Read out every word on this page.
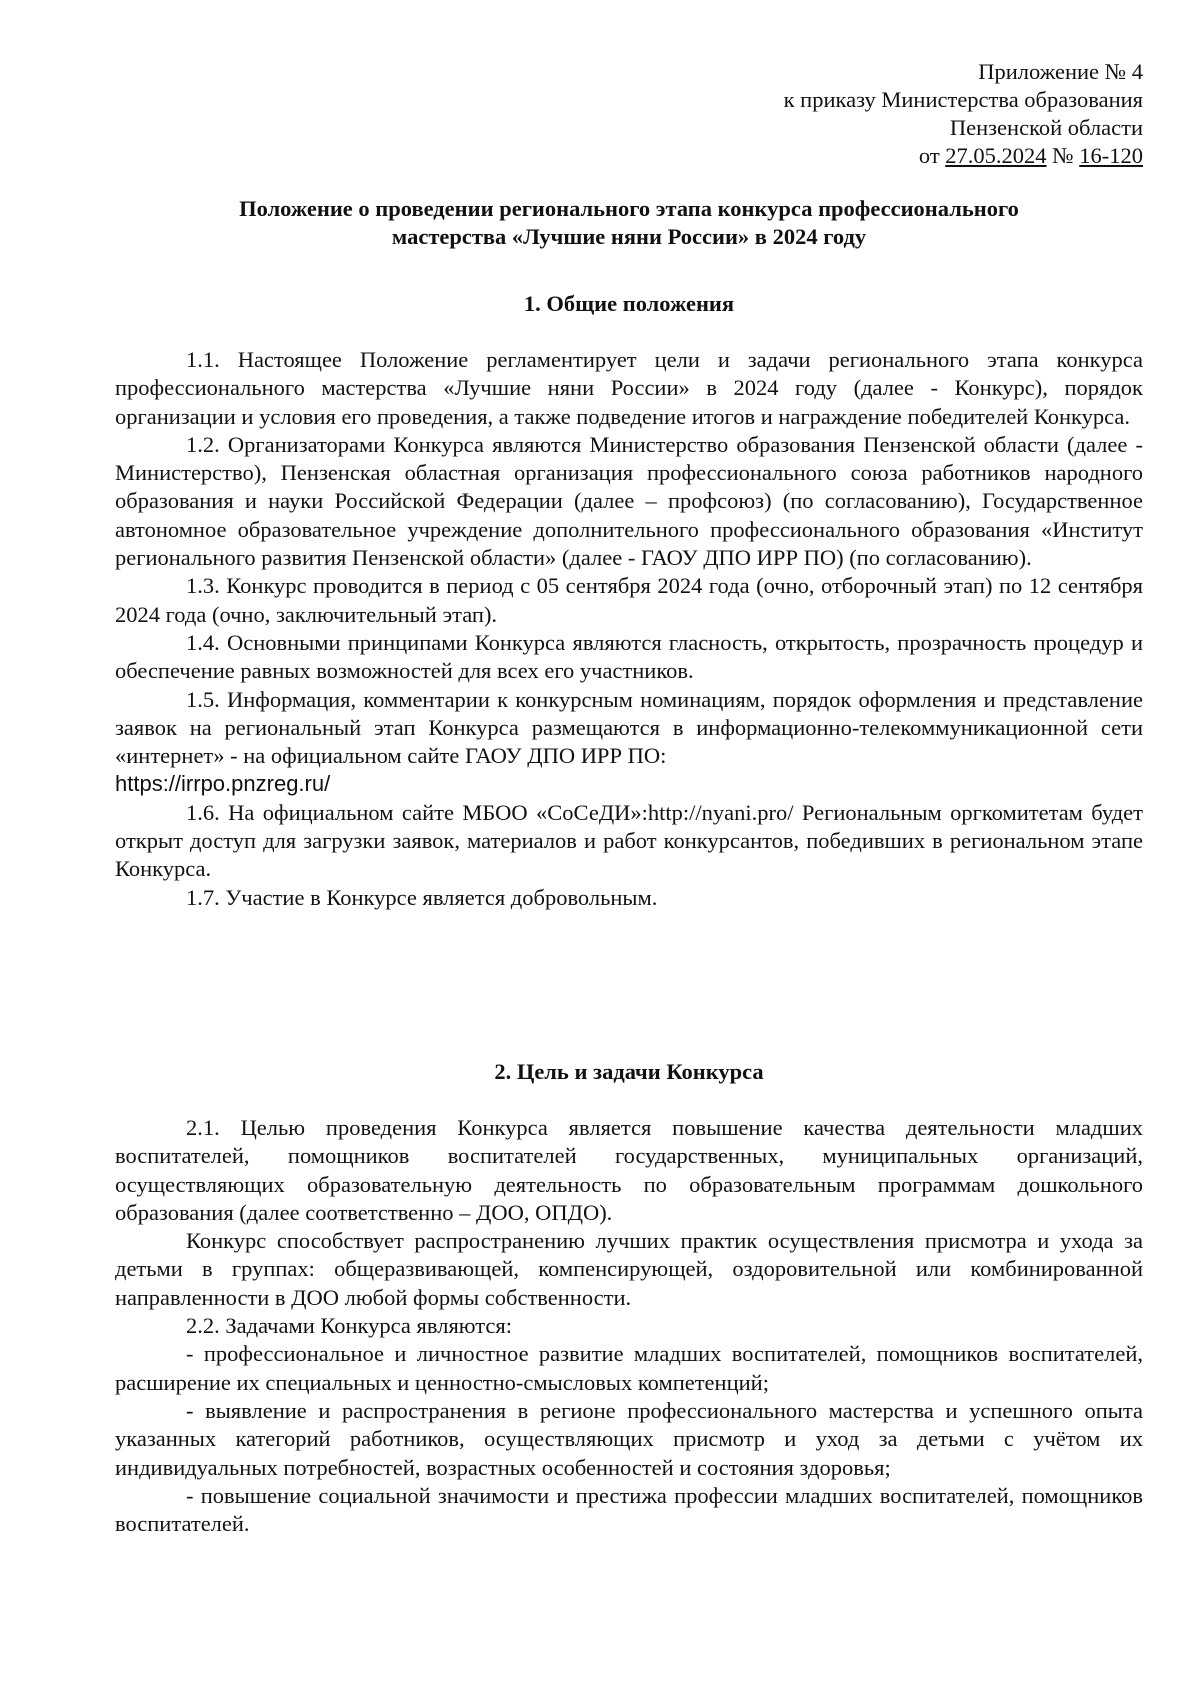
Приложение № 4
к приказу Министерства образования
Пензенской области
от 27.05.2024 № 16-120
Положение о проведении регионального этапа конкурса профессионального
мастерства «Лучшие няни России» в 2024 году
1. Общие положения

1.1. Настоящее Положение регламентирует цели и задачи регионального этапа конкурса профессионального мастерства «Лучшие няни России» в 2024 году (далее - Конкурс), порядок организации и условия его проведения, а также подведение итогов и награждение победителей Конкурса.

1.2. Организаторами Конкурса являются Министерство образования Пензенской области (далее - Министерство), Пензенская областная организация профессионального союза работников народного образования и науки Российской Федерации (далее – профсоюз) (по согласованию), Государственное автономное образовательное учреждение дополнительного профессионального образования «Институт регионального развития Пензенской области» (далее - ГАОУ ДПО ИРР ПО) (по согласованию).

1.3. Конкурс проводится в период с 05 сентября 2024 года (очно, отборочный этап) по 12 сентября 2024 года (очно, заключительный этап).

1.4. Основными принципами Конкурса являются гласность, открытость, прозрачность процедур и обеспечение равных возможностей для всех его участников.

1.5. Информация, комментарии к конкурсным номинациям, порядок оформления и представление заявок на региональный этап Конкурса размещаются в информационно-телекоммуникационной сети «интернет» - на официальном сайте ГАОУ ДПО ИРР ПО:

https://irrpo.pnzreg.ru/

1.6. На официальном сайте МБОО «СоСеДИ»:http://nyani.pro/ Региональным оргкомитетам будет открыт доступ для загрузки заявок, материалов и работ конкурсантов, победивших в региональном этапе Конкурса.

1.7. Участие в Конкурсе является добровольным.

2. Цель и задачи Конкурса

2.1. Целью проведения Конкурса является повышение качества деятельности младших воспитателей, помощников воспитателей государственных, муниципальных организаций, осуществляющих образовательную деятельность по образовательным программам дошкольного образования (далее соответственно – ДОО, ОПДО).

Конкурс способствует распространению лучших практик осуществления присмотра и ухода за детьми в группах: общеразвивающей, компенсирующей, оздоровительной или комбинированной направленности в ДОО любой формы собственности.

2.2. Задачами Конкурса являются:

- профессиональное и личностное развитие младших воспитателей, помощников воспитателей, расширение их специальных и ценностно-смысловых компетенций;

- выявление и распространения в регионе профессионального мастерства и успешного опыта указанных категорий работников, осуществляющих присмотр и уход за детьми с учётом их индивидуальных потребностей, возрастных особенностей и состояния здоровья;

- повышение социальной значимости и престижа профессии младших воспитателей, помощников воспитателей.
